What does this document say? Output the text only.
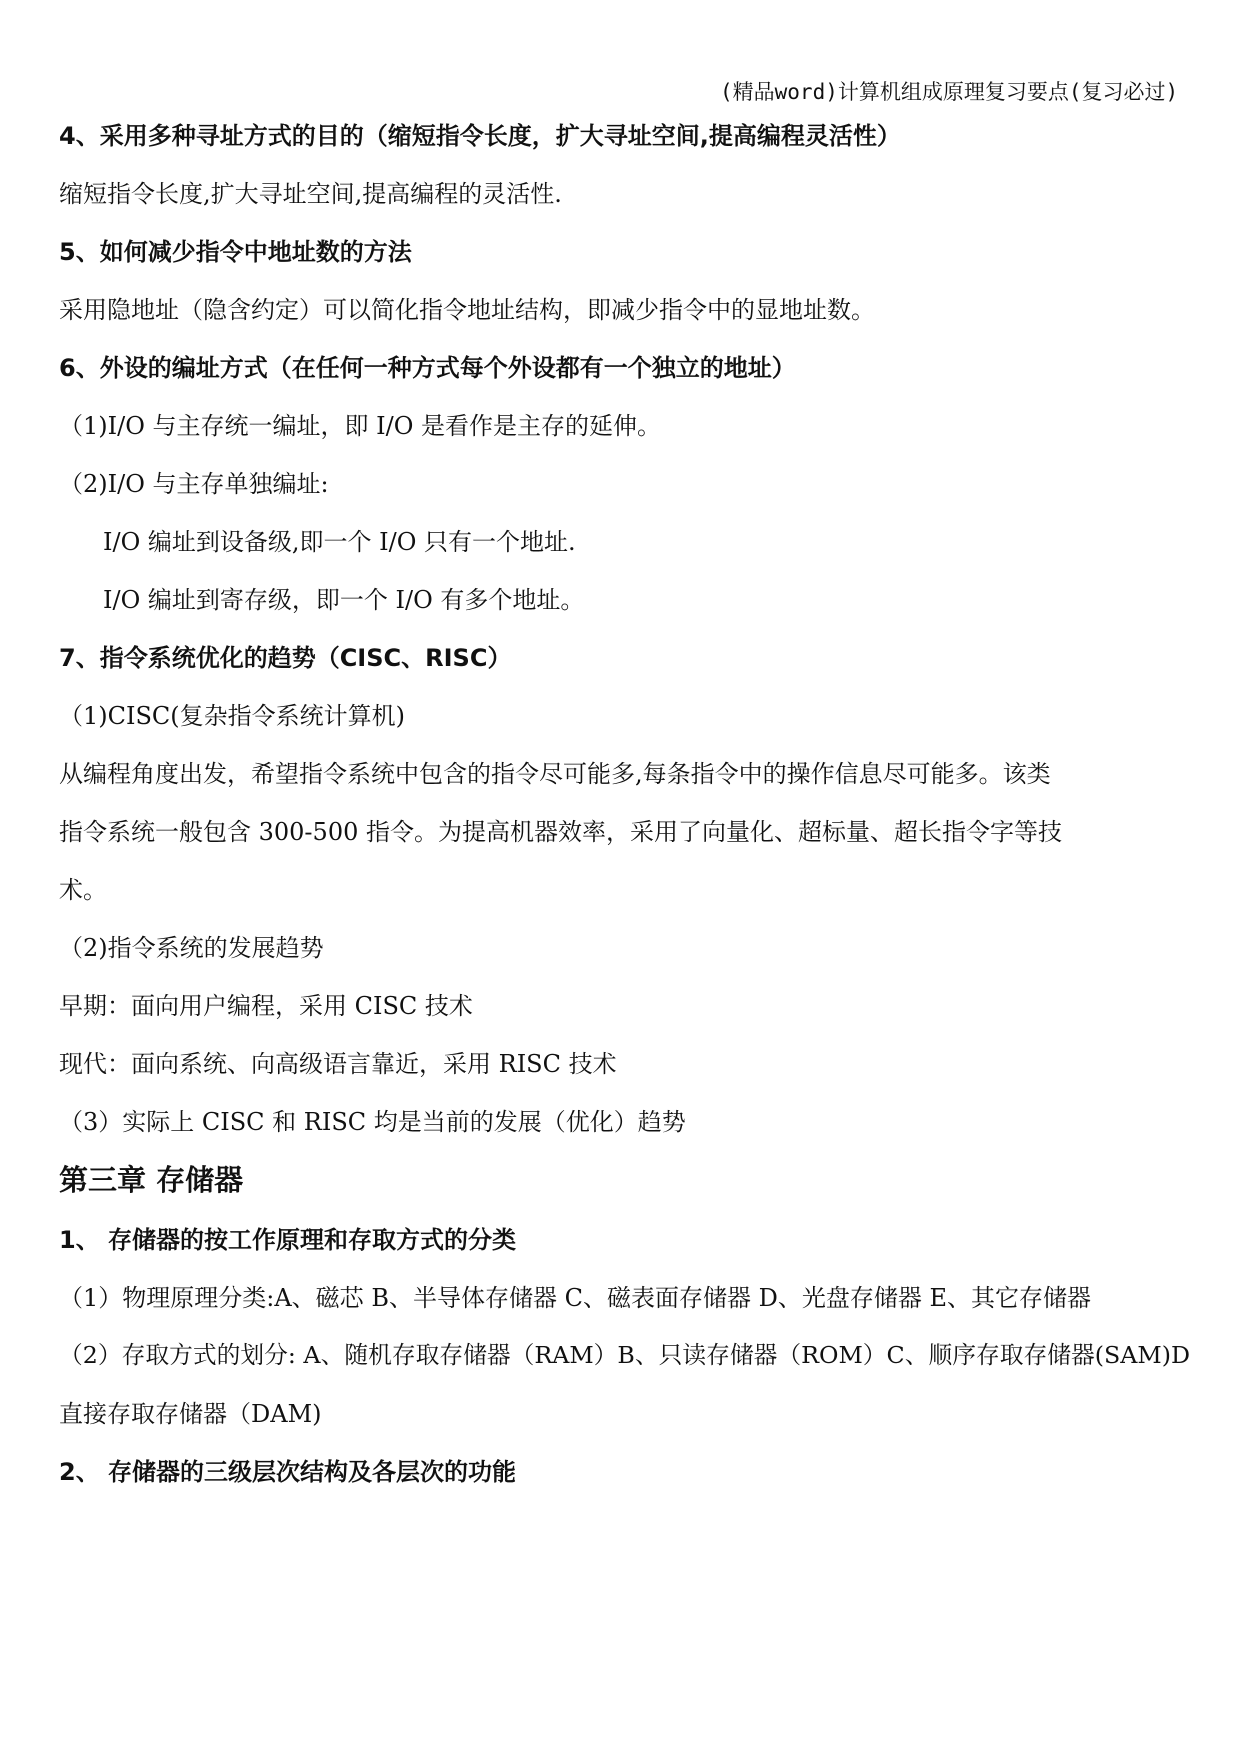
(精品word)计算机组成原理复习要点(复习必过)
4、采用多种寻址方式的目的（缩短指令长度，扩大寻址空间,提高编程灵活性）
缩短指令长度,扩大寻址空间,提高编程的灵活性.
5、如何减少指令中地址数的方法
采用隐地址（隐含约定）可以简化指令地址结构，即减少指令中的显地址数。
6、外设的编址方式（在任何一种方式每个外设都有一个独立的地址）
（1)I/O 与主存统一编址，即 I/O 是看作是主存的延伸。
（2)I/O 与主存单独编址:
I/O 编址到设备级,即一个 I/O 只有一个地址.
I/O 编址到寄存级，即一个 I/O 有多个地址。
7、指令系统优化的趋势（CISC、RISC）
（1)CISC(复杂指令系统计算机)
从编程角度出发，希望指令系统中包含的指令尽可能多,每条指令中的操作信息尽可能多。该类
指令系统一般包含 300-500 指令。为提高机器效率，采用了向量化、超标量、超长指令字等技
术。
（2)指令系统的发展趋势
早期：面向用户编程，采用 CISC 技术
现代：面向系统、向高级语言靠近，采用 RISC 技术
（3）实际上 CISC 和 RISC 均是当前的发展（优化）趋势
第三章 存储器
1、 存储器的按工作原理和存取方式的分类
（1）物理原理分类:A、磁芯 B、半导体存储器 C、磁表面存储器 D、光盘存储器 E、其它存储器
（2）存取方式的划分: A、随机存取存储器（RAM）B、只读存储器（ROM）C、顺序存取存储器(SAM)D
直接存取存储器（DAM)
2、 存储器的三级层次结构及各层次的功能
